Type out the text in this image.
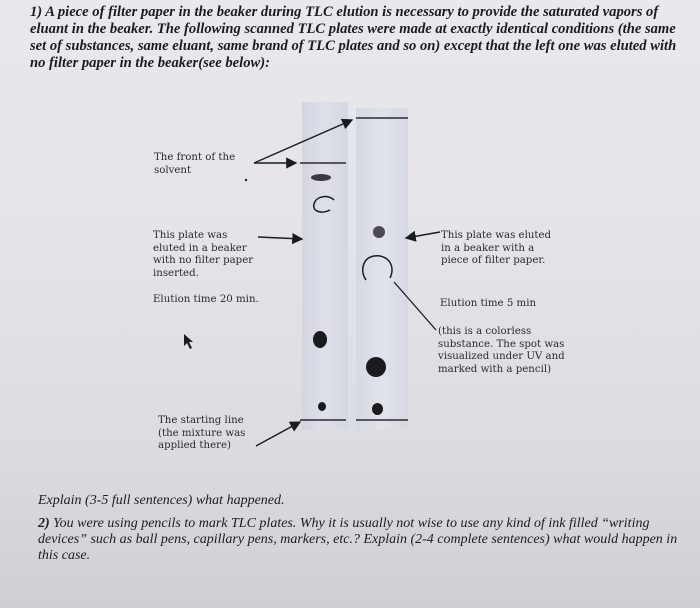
1) A piece of filter paper in the beaker during TLC elution is necessary to provide the saturated vapors of eluant in the beaker. The following scanned TLC plates were made at exactly identical conditions (the same set of substances, same eluant, same brand of TLC plates and so on) except that the left one was eluted with no filter paper in the beaker(see below):

The front of the solvent

This plate was eluted in a beaker with no filter paper inserted.

Elution time 20 min.

The starting line (the mixture was applied there)

This plate was eluted in a beaker with a piece of filter paper.

Elution time 5 min

(this is a colorless substance. The spot was visualized under UV and marked with a pencil)

Explain (3-5 full sentences) what happened.

2) You were using pencils to mark TLC plates. Why it is usually not wise to use any kind of ink filled “writing devices” such as ball pens, capillary pens, markers, etc.? Explain (2-4 complete sentences) what would happen in this case.
